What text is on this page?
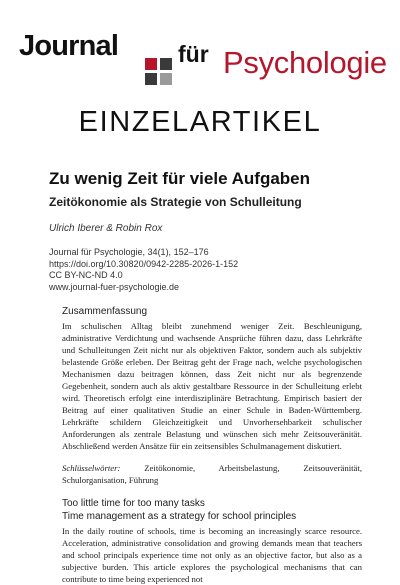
Journal	für Psychologie
EINZELARTIKEL
Zu wenig Zeit für viele Aufgaben
Zeitökonomie als Strategie von Schulleitung
Ulrich Iberer & Robin Rox
Journal für Psychologie, 34(1), 152–176
https://doi.org/10.30820/0942-2285-2026-1-152
CC BY-NC-ND 4.0
www.journal-fuer-psychologie.de
Zusammenfassung

Im schulischen Alltag bleibt zunehmend weniger Zeit. Beschleunigung, administrative Verdichtung und wachsende Ansprüche führen dazu, dass Lehrkräfte und Schulleitungen Zeit nicht nur als objektiven Faktor, sondern auch als subjektiv belastende Größe erleben. Der Beitrag geht der Frage nach, welche psychologischen Mechanismen dazu beitragen können, dass Zeit nicht nur als begrenzende Gegebenheit, sondern auch als aktiv gestaltbare Ressource in der Schulleitung erlebt wird. Theoretisch erfolgt eine interdisziplinäre Betrachtung. Empirisch basiert der Beitrag auf einer qualitativen Studie an einer Schule in Baden-Württemberg. Lehrkräfte schildern Gleichzeitigkeit und Unvorhersehbarkeit schulischer Anforderungen als zentrale Belastung und wünschen sich mehr Zeitsouveränität. Abschließend werden Ansätze für ein zeitsensibles Schulmanagement diskutiert.

Schlüsselwörter: Zeitökonomie, Arbeitsbelastung, Zeitsouveränität, Schulorganisation, Führung
Too little time for too many tasks
Time management as a strategy for school principles

In the daily routine of schools, time is becoming an increasingly scarce resource. Acceleration, administrative consolidation and growing demands mean that teachers and school principals experience time not only as an objective factor, but also as a subjective burden. This article explores the psychological mechanisms that can contribute to time being experienced not
